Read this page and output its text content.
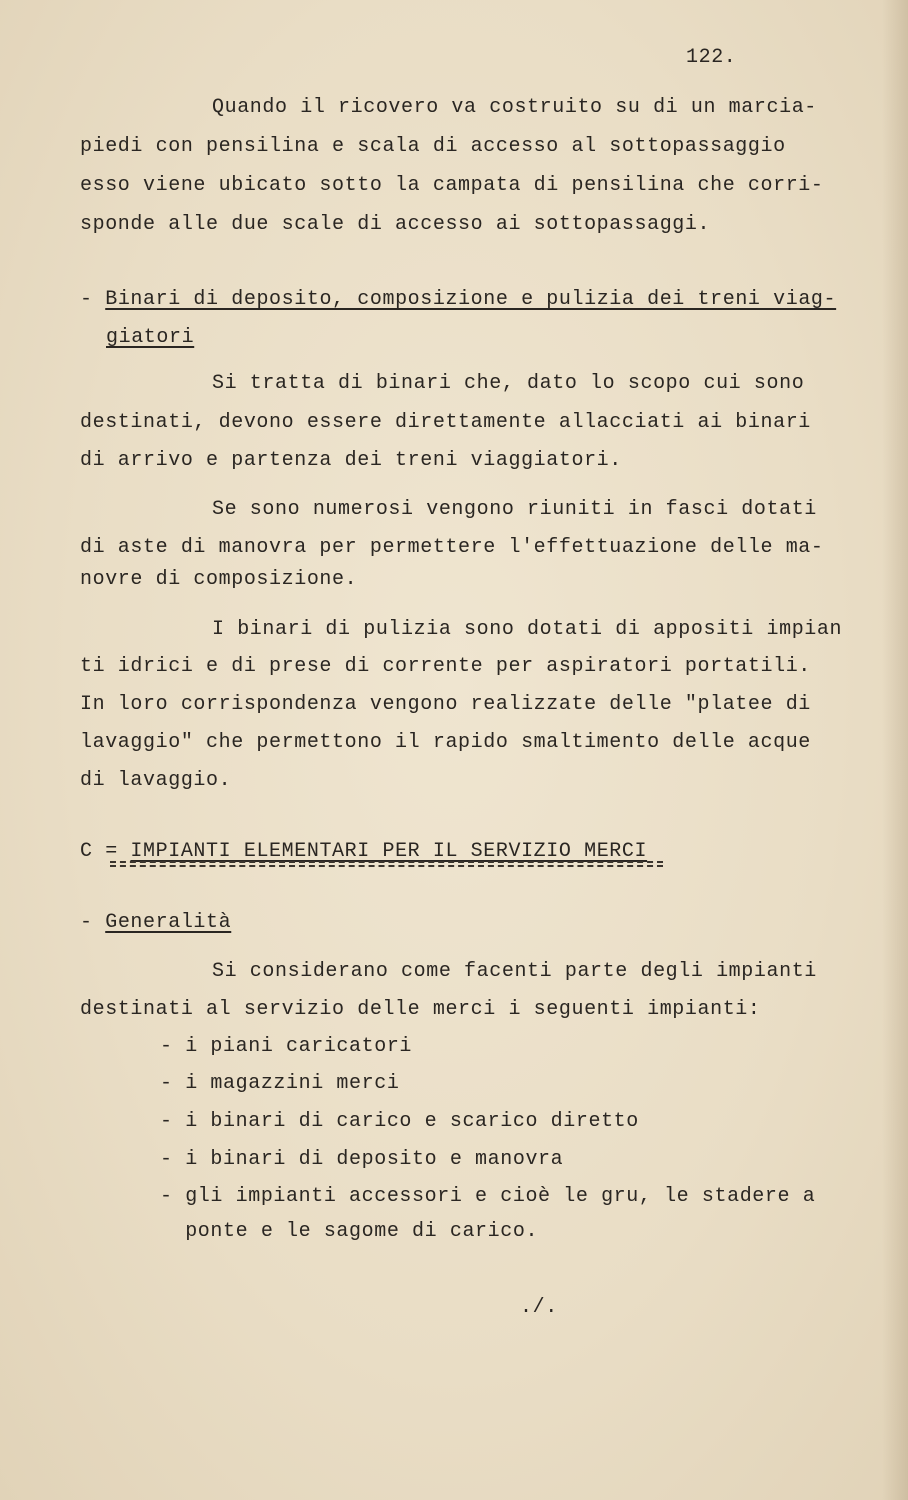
122.
Quando il ricovero va costruito su di un marcia-
piedi con pensilina e scala di accesso al sottopassaggio
esso viene ubicato sotto la campata di pensilina che corri-
sponde alle due scale di accesso ai sottopassaggi.
- Binari di deposito, composizione e pulizia dei treni viag-
giatori
Si tratta di binari che, dato lo scopo cui sono
destinati, devono essere direttamente allacciati ai binari
di arrivo e partenza dei treni viaggiatori.
Se sono numerosi vengono riuniti in fasci dotati
di aste di manovra per permettere l'effettuazione delle ma-
novre di composizione.
I binari di pulizia sono dotati di appositi impian
ti idrici e di prese di corrente per aspiratori portatili.
In loro corrispondenza vengono realizzate delle "platee di
lavaggio" che permettono il rapido smaltimento delle acque
di lavaggio.
C = IMPIANTI ELEMENTARI PER IL SERVIZIO MERCI
- Generalità
Si considerano come facenti parte degli impianti
destinati al servizio delle merci i seguenti impianti:
- i piani caricatori
- i magazzini merci
- i binari di carico e scarico diretto
- i binari di deposito e manovra
- gli impianti accessori e cioè le gru, le stadere a
ponte e le sagome di carico.
./.
